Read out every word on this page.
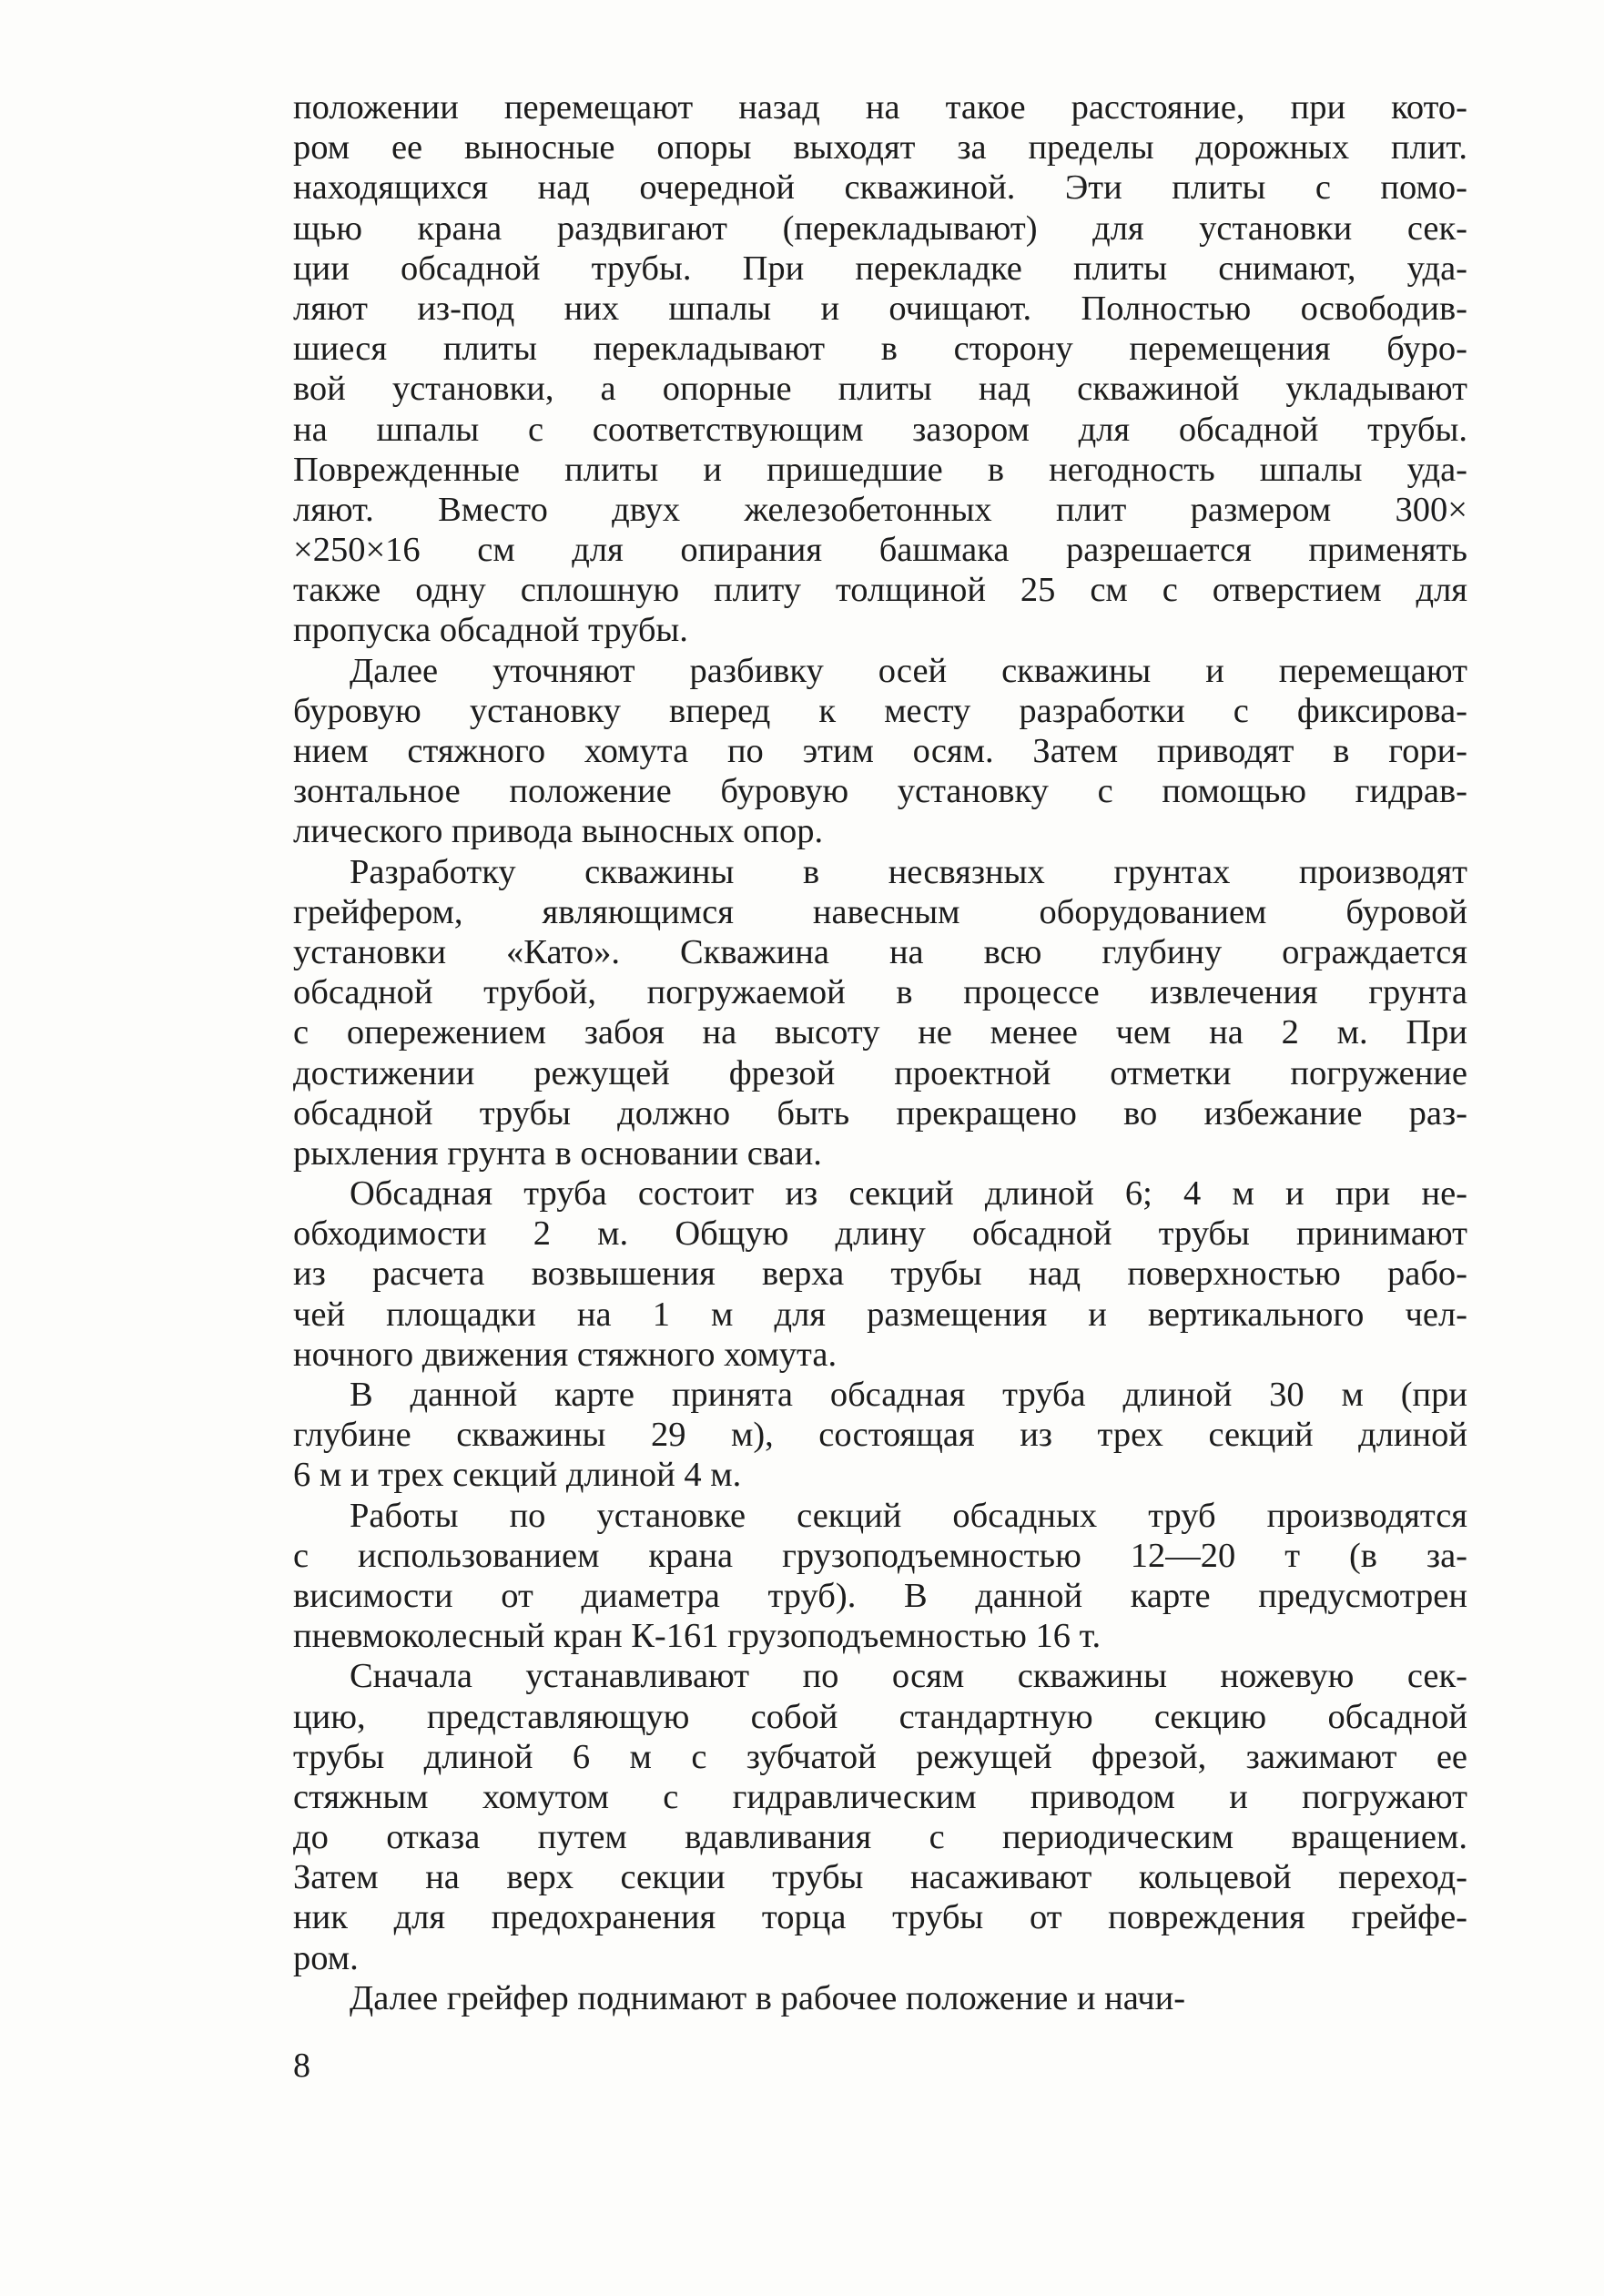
положении перемещают назад на такое расстояние, при кото-
ром ее выносные опоры выходят за пределы дорожных плит.
находящихся над очередной скважиной. Эти плиты с помо-
щью крана раздвигают (перекладывают) для установки сек-
ции обсадной трубы. При перекладке плиты снимают, уда-
ляют из-под них шпалы и очищают. Полностью освободив-
шиеся плиты перекладывают в сторону перемещения буро-
вой установки, а опорные плиты над скважиной укладывают
на шпалы с соответствующим зазором для обсадной трубы.
Поврежденные плиты и пришедшие в негодность шпалы уда-
ляют. Вместо двух железобетонных плит размером 300×
×250×16 см для опирания башмака разрешается применять
также одну сплошную плиту толщиной 25 см с отверстием для
пропуска обсадной трубы.
Далее уточняют разбивку осей скважины и перемещают
буровую установку вперед к месту разработки с фиксирова-
нием стяжного хомута по этим осям. Затем приводят в гори-
зонтальное положение буровую установку с помощью гидрав-
лического привода выносных опор.
Разработку скважины в несвязных грунтах производят
грейфером, являющимся навесным оборудованием буровой
установки «Като». Скважина на всю глубину ограждается
обсадной трубой, погружаемой в процессе извлечения грунта
с опережением забоя на высоту не менее чем на 2 м. При
достижении режущей фрезой проектной отметки погружение
обсадной трубы должно быть прекращено во избежание раз-
рыхления грунта в основании сваи.
Обсадная труба состоит из секций длиной 6; 4 м и при не-
обходимости 2 м. Общую длину обсадной трубы принимают
из расчета возвышения верха трубы над поверхностью рабо-
чей площадки на 1 м для размещения и вертикального чел-
ночного движения стяжного хомута.
В данной карте принята обсадная труба длиной 30 м (при
глубине скважины 29 м), состоящая из трех секций длиной
6 м и трех секций длиной 4 м.
Работы по установке секций обсадных труб производятся
с использованием крана грузоподъемностью 12—20 т (в за-
висимости от диаметра труб). В данной карте предусмотрен
пневмоколесный кран К-161 грузоподъемностью 16 т.
Сначала устанавливают по осям скважины ножевую сек-
цию, представляющую собой стандартную секцию обсадной
трубы длиной 6 м с зубчатой режущей фрезой, зажимают ее
стяжным хомутом с гидравлическим приводом и погружают
до отказа путем вдавливания с периодическим вращением.
Затем на верх секции трубы насаживают кольцевой переход-
ник для предохранения торца трубы от повреждения грейфе-
ром.
Далее грейфер поднимают в рабочее положение и начи-
8
